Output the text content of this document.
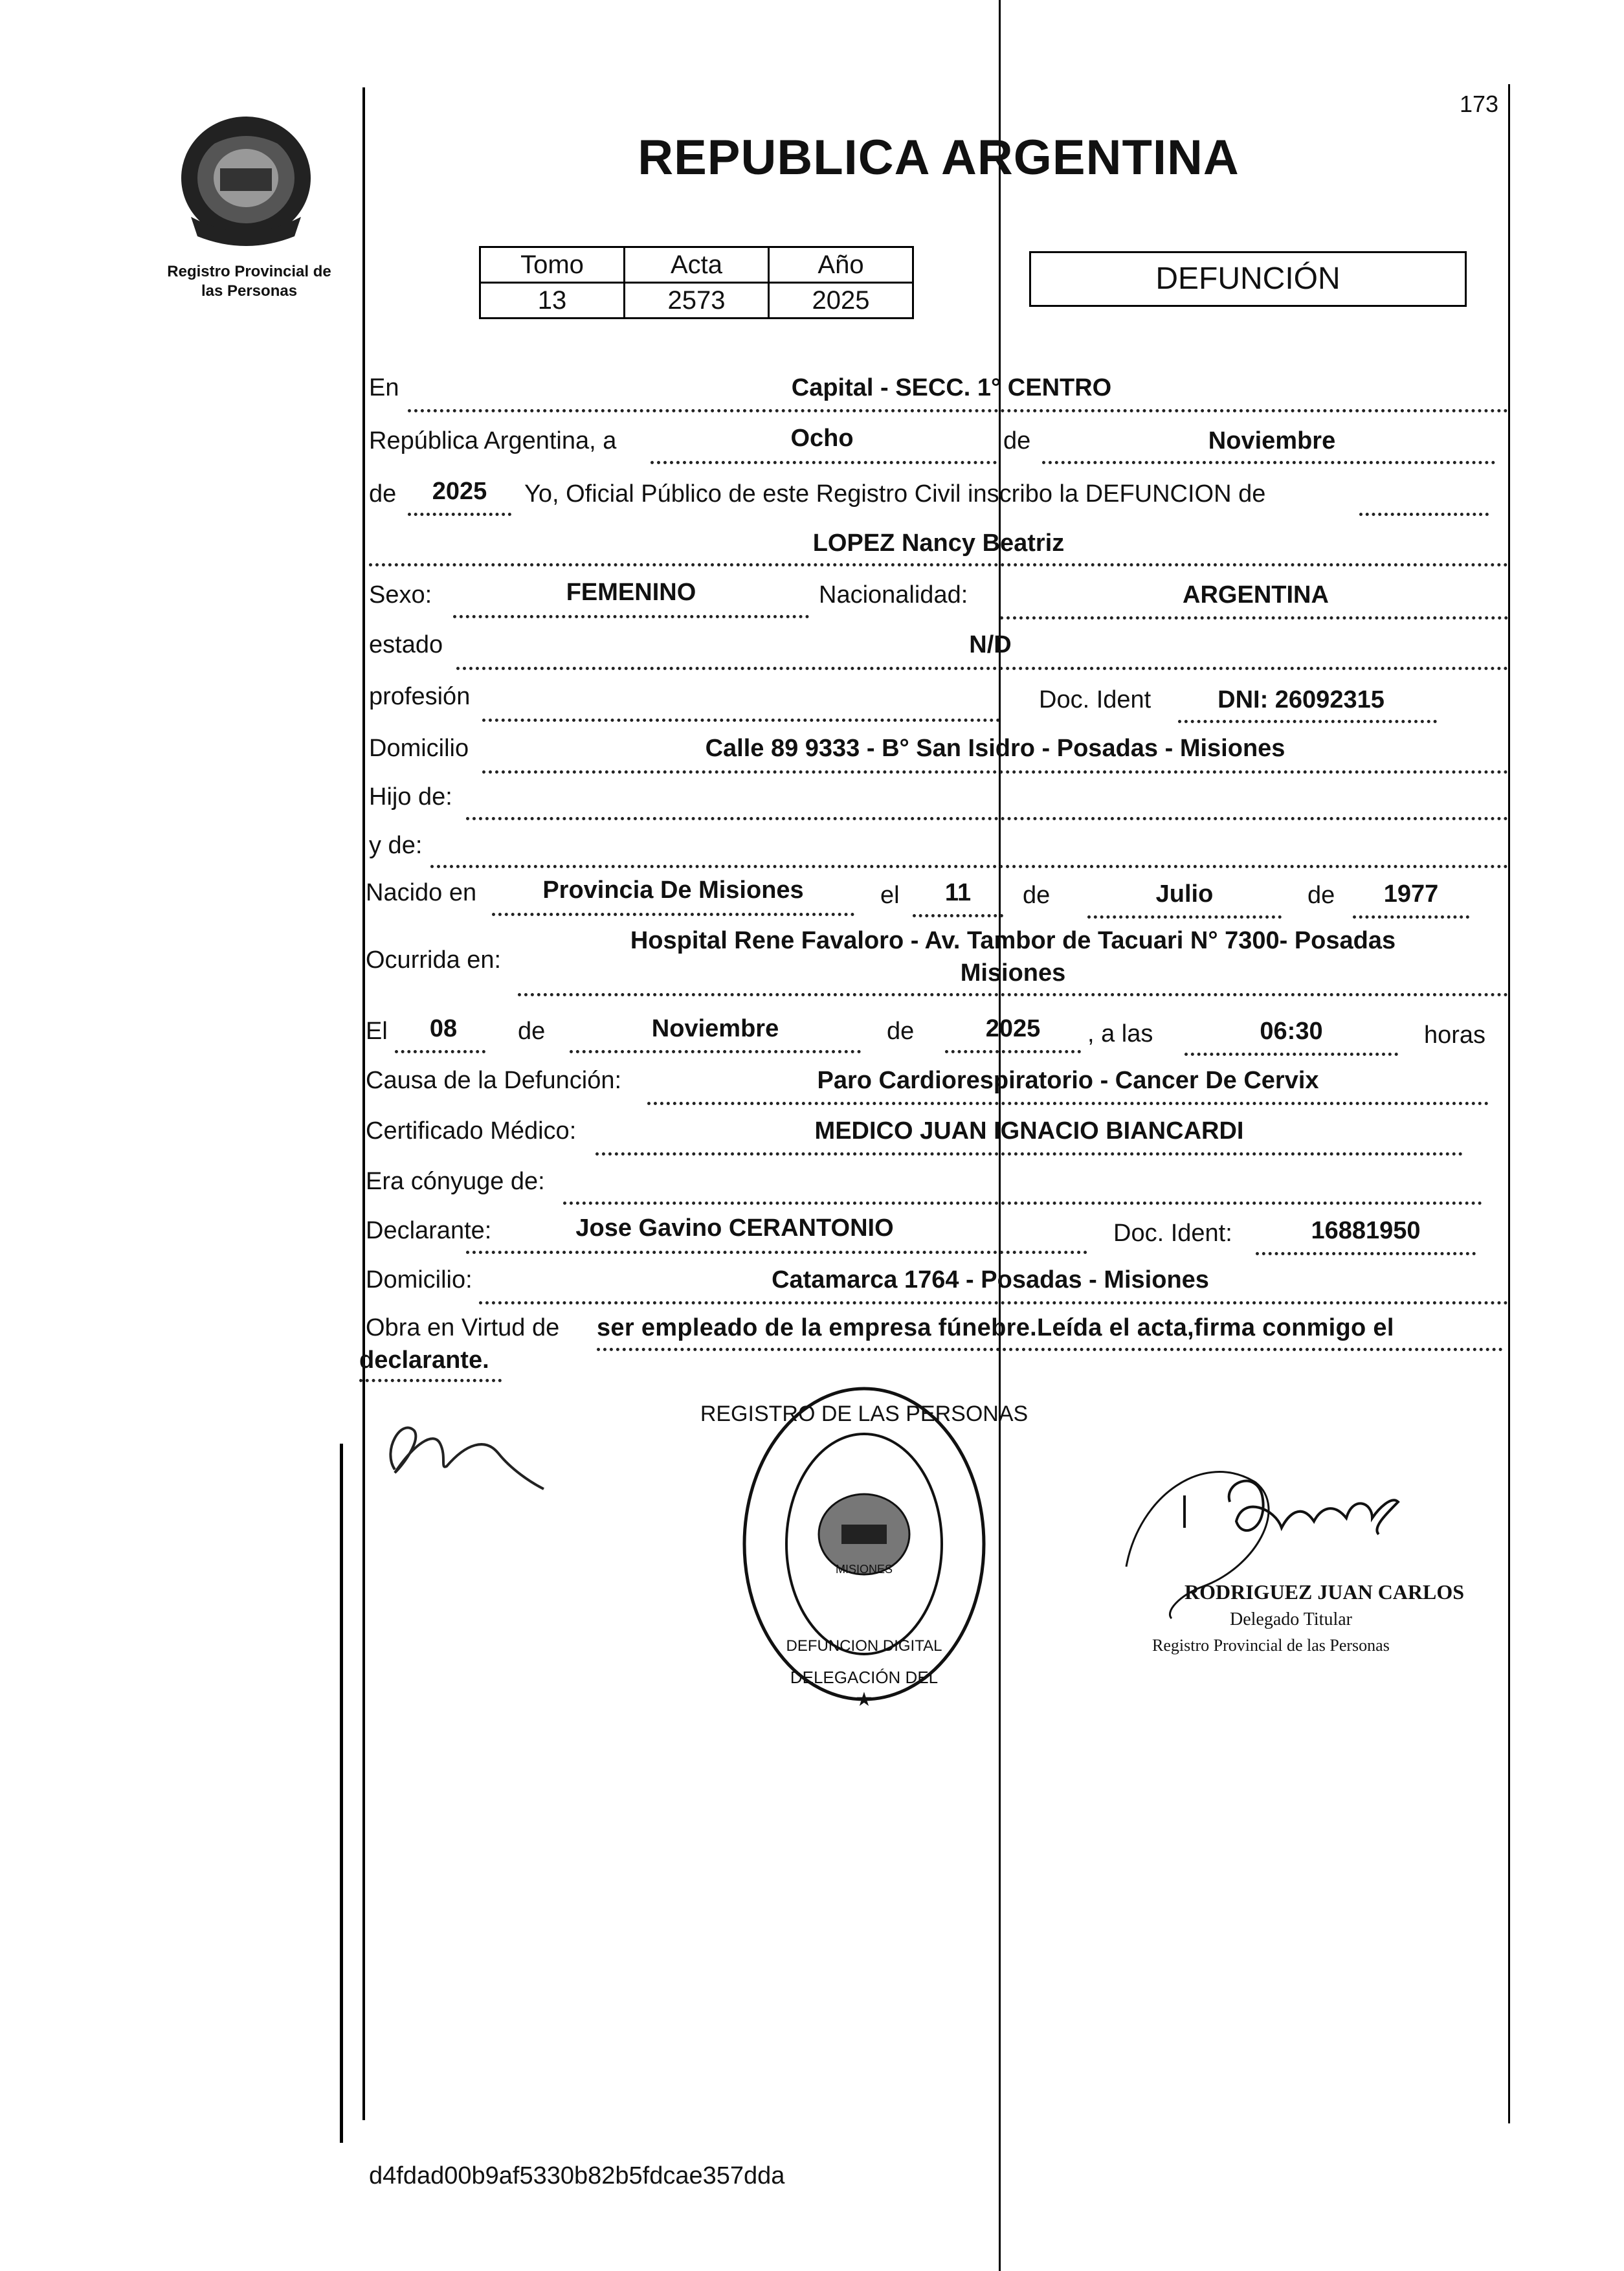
Registro Provincial de
las Personas
173
REPUBLICA ARGENTINA
Tomo	Acta	Año
13	2573	2025
DEFUNCIÓN
En	Capital - SECC. 1° CENTRO
República Argentina, a	Ocho	de	Noviembre
de	2025	Yo, Oficial Público de este Registro Civil inscribo la DEFUNCION de
LOPEZ Nancy Beatriz
Sexo:	FEMENINO	Nacionalidad:	ARGENTINA
estado	N/D
profesión	Doc. Ident	DNI: 26092315
Domicilio	Calle 89 9333 - B° San Isidro - Posadas - Misiones
Hijo de:
y de:
Nacido en	Provincia De Misiones	el	11	de	Julio	de	1977
Ocurrida en:
Hospital Rene Favaloro - Av. Tambor de Tacuari N° 7300- Posadas
Misiones
El	08	de	Noviembre	de	2025	, a las	06:30	horas
Causa de la Defunción:	Paro Cardiorespiratorio - Cancer De Cervix
Certificado Médico:	MEDICO JUAN IGNACIO BIANCARDI
Era cónyuge de:
Declarante:	Jose Gavino CERANTONIO	Doc. Ident:	16881950
Domicilio:	Catamarca 1764 - Posadas - Misiones
Obra en Virtud de ser empleado de la empresa fúnebre.Leída el acta,firma conmigo el
declarante.
REGISTRO DE LAS PERSONAS
DEFUNCION DIGITAL
DELEGACIÓN DEL
MISIONES
★
RODRIGUEZ JUAN CARLOS
Delegado Titular
Registro Provincial de las Personas
d4fdad00b9af5330b82b5fdcae357dda
